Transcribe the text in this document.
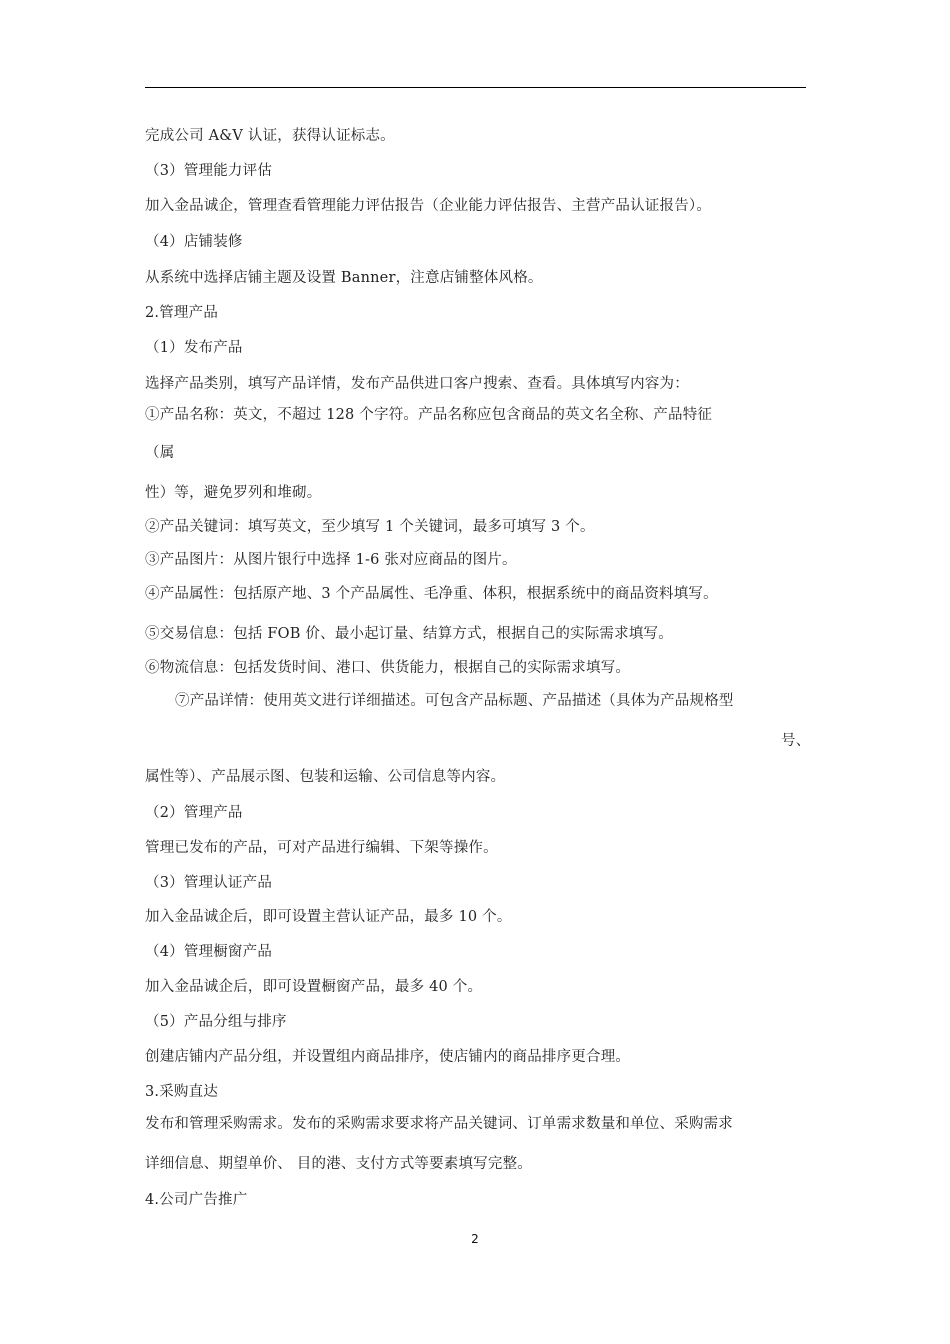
完成公司 A&V 认证，获得认证标志。
（3）管理能力评估
加入金品诚企，管理查看管理能力评估报告（企业能力评估报告、主营产品认证报告）。
（4）店铺装修
从系统中选择店铺主题及设置 Banner，注意店铺整体风格。
2.管理产品
（1）发布产品
选择产品类别，填写产品详情，发布产品供进口客户搜索、查看。具体填写内容为：
①产品名称：英文，不超过 128 个字符。产品名称应包含商品的英文名全称、产品特征
（属
性）等，避免罗列和堆砌。
②产品关键词：填写英文，至少填写 1 个关键词，最多可填写 3 个。
③产品图片：从图片银行中选择 1-6 张对应商品的图片。
④产品属性：包括原产地、3 个产品属性、毛净重、体积，根据系统中的商品资料填写。
⑤交易信息：包括 FOB 价、最小起订量、结算方式，根据自己的实际需求填写。
⑥物流信息：包括发货时间、港口、供货能力，根据自己的实际需求填写。
⑦产品详情：使用英文进行详细描述。可包含产品标题、产品描述（具体为产品规格型
号、
属性等）、产品展示图、包装和运输、公司信息等内容。
（2）管理产品
管理已发布的产品，可对产品进行编辑、下架等操作。
（3）管理认证产品
加入金品诚企后，即可设置主营认证产品，最多 10 个。
（4）管理橱窗产品
加入金品诚企后，即可设置橱窗产品，最多 40 个。
（5）产品分组与排序
创建店铺内产品分组，并设置组内商品排序，使店铺内的商品排序更合理。
3.采购直达
发布和管理采购需求。发布的采购需求要求将产品关键词、订单需求数量和单位、采购需求
详细信息、期望单价、 目的港、支付方式等要素填写完整。
4.公司广告推广
2
